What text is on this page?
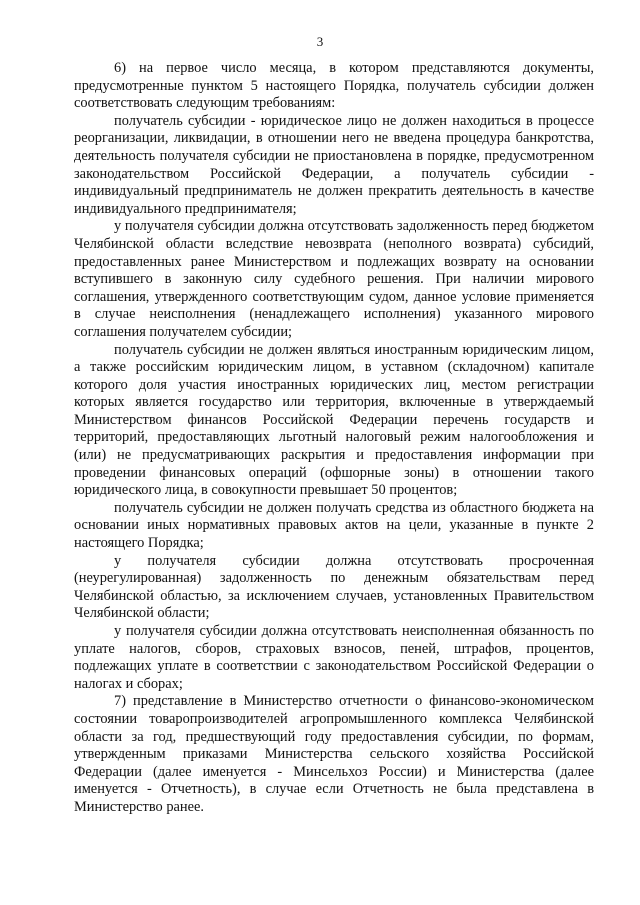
3

6) на первое число месяца, в котором представляются документы, предусмотренные пунктом 5 настоящего Порядка, получатель субсидии должен соответствовать следующим требованиям:

получатель субсидии - юридическое лицо не должен находиться в процессе реорганизации, ликвидации, в отношении него не введена процедура банкротства, деятельность получателя субсидии не приостановлена в порядке, предусмотренном законодательством Российской Федерации, а получатель субсидии - индивидуальный предприниматель не должен прекратить деятельность в качестве индивидуального предпринимателя;

у получателя субсидии должна отсутствовать задолженность перед бюджетом Челябинской области вследствие невозврата (неполного возврата) субсидий, предоставленных ранее Министерством и подлежащих возврату на основании вступившего в законную силу судебного решения. При наличии мирового соглашения, утвержденного соответствующим судом, данное условие применяется в случае неисполнения (ненадлежащего исполнения) указанного мирового соглашения получателем субсидии;

получатель субсидии не должен являться иностранным юридическим лицом, а также российским юридическим лицом, в уставном (складочном) капитале которого доля участия иностранных юридических лиц, местом регистрации которых является государство или территория, включенные в утверждаемый Министерством финансов Российской Федерации перечень государств и территорий, предоставляющих льготный налоговый режим налогообложения и (или) не предусматривающих раскрытия и предоставления информации при проведении финансовых операций (офшорные зоны) в отношении такого юридического лица, в совокупности превышает 50 процентов;

получатель субсидии не должен получать средства из областного бюджета на основании иных нормативных правовых актов на цели, указанные в пункте 2 настоящего Порядка;

у получателя субсидии должна отсутствовать просроченная (неурегулированная) задолженность по денежным обязательствам перед Челябинской областью, за исключением случаев, установленных Правительством Челябинской области;

у получателя субсидии должна отсутствовать неисполненная обязанность по уплате налогов, сборов, страховых взносов, пеней, штрафов, процентов, подлежащих уплате в соответствии с законодательством Российской Федерации о налогах и сборах;

7) представление в Министерство отчетности о финансово-экономическом состоянии товаропроизводителей агропромышленного комплекса Челябинской области за год, предшествующий году предоставления субсидии, по формам, утвержденным приказами Министерства сельского хозяйства Российской Федерации (далее именуется - Минсельхоз России) и Министерства (далее именуется - Отчетность), в случае если Отчетность не была представлена в Министерство ранее.
